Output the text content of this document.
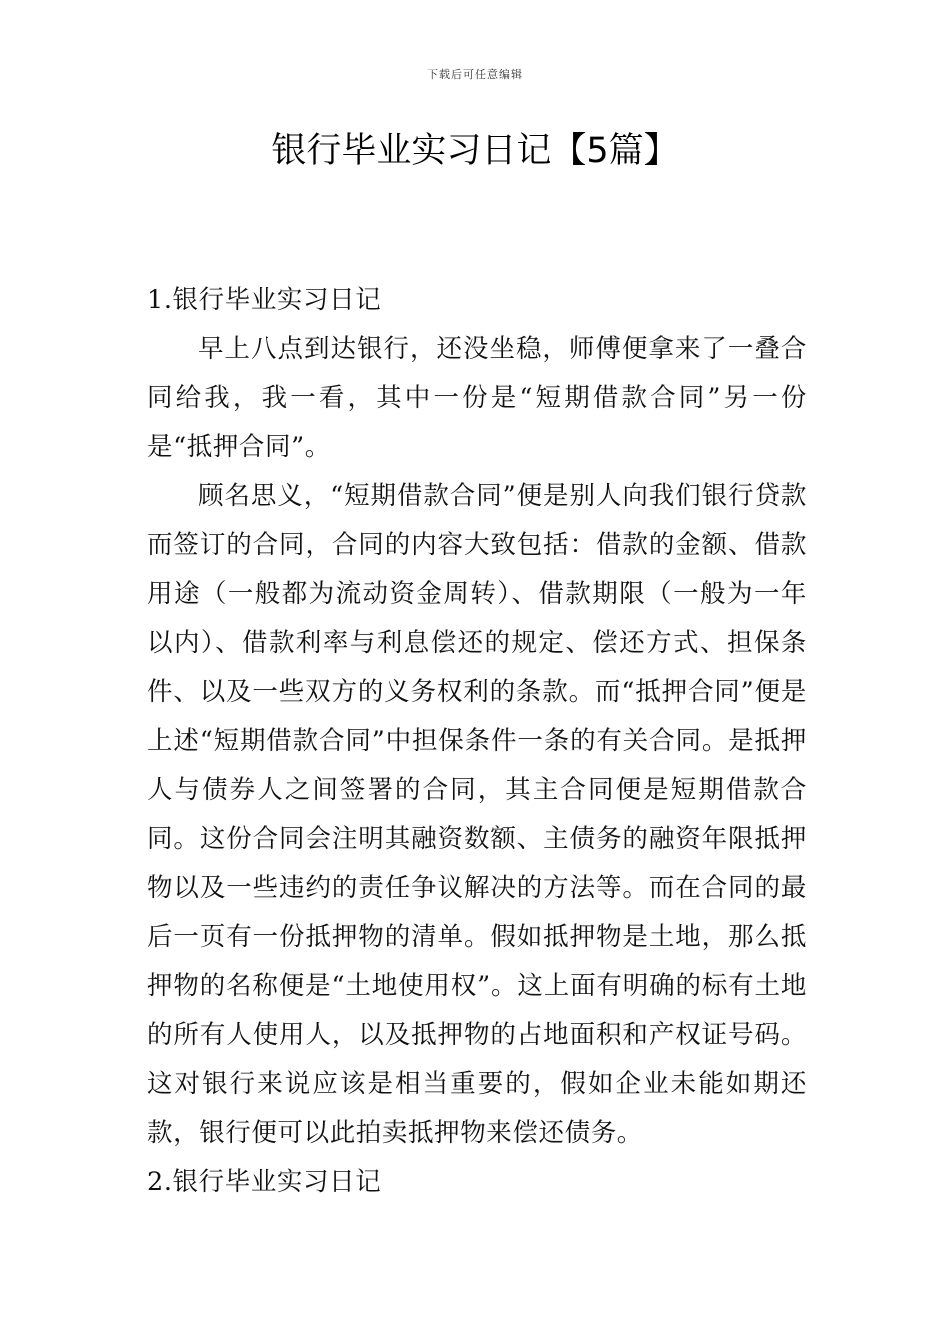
下载后可任意编辑
银行毕业实习日记【5篇】

1.银行毕业实习日记

早上八点到达银行，还没坐稳，师傅便拿来了一叠合同给我，我一看，其中一份是“短期借款合同”另一份是“抵押合同”。

顾名思义，“短期借款合同”便是别人向我们银行贷款而签订的合同，合同的内容大致包括：借款的金额、借款用途（一般都为流动资金周转）、借款期限（一般为一年以内）、借款利率与利息偿还的规定、偿还方式、担保条件、以及一些双方的义务权利的条款。而“抵押合同”便是上述“短期借款合同”中担保条件一条的有关合同。是抵押人与债券人之间签署的合同，其主合同便是短期借款合同。这份合同会注明其融资数额、主债务的融资年限抵押物以及一些违约的责任争议解决的方法等。而在合同的最后一页有一份抵押物的清单。假如抵押物是土地，那么抵押物的名称便是“土地使用权”。这上面有明确的标有土地的所有人使用人，以及抵押物的占地面积和产权证号码。这对银行来说应该是相当重要的，假如企业未能如期还款，银行便可以此拍卖抵押物来偿还债务。

2.银行毕业实习日记
